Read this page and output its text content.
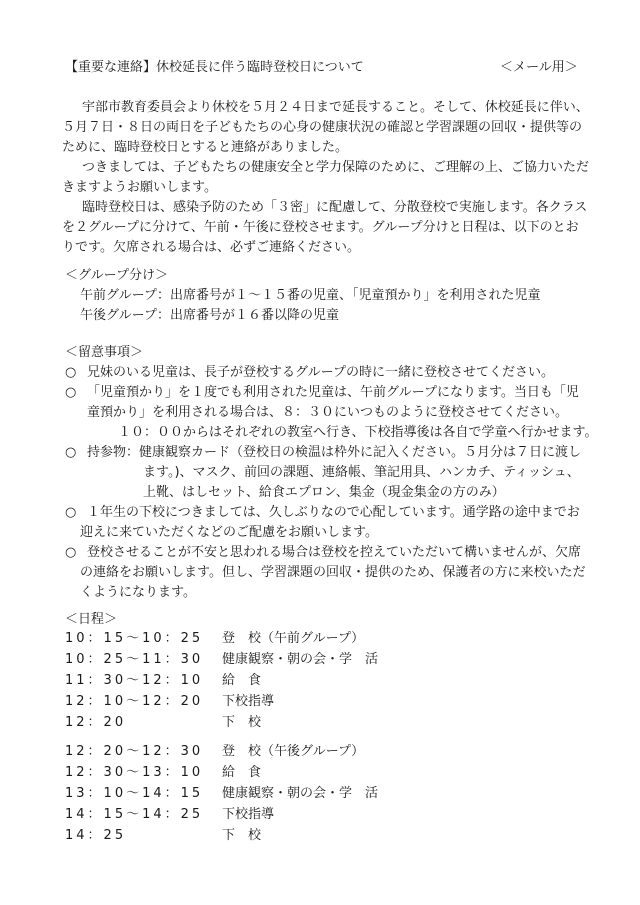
【重要な連絡】休校延長に伴う臨時登校日について	＜メール用＞
宇部市教育委員会より休校を５月２４日まで延長すること。そして、休校延長に伴い、
５月７日・８日の両日を子どもたちの心身の健康状況の確認と学習課題の回収・提供等の
ために、臨時登校日とすると連絡がありました。
つきましては、子どもたちの健康安全と学力保障のために、ご理解の上、ご協力いただ
きますようお願いします。
臨時登校日は、感染予防のため「３密」に配慮して、分散登校で実施します。各クラス
を２グループに分けて、午前・午後に登校させます。グループ分けと日程は、以下のとお
りです。欠席される場合は、必ずご連絡ください。
＜グループ分け＞
午前グループ：出席番号が１～１５番の児童、「児童預かり」を利用された児童
午後グループ：出席番号が１６番以降の児童
＜留意事項＞
○ 兄妹のいる児童は、長子が登校するグループの時に一緒に登校させてください。
○ 「児童預かり」を１度でも利用された児童は、午前グループになります。当日も「児
童預かり」を利用される場合は、８：３０にいつものように登校させてください。
１０：００からはそれぞれの教室へ行き、下校指導後は各自で学童へ行かせます。
○ 持参物：健康観察カード（登校日の検温は枠外に記入ください。５月分は７日に渡し
ます。)、マスク、前回の課題、連絡帳、筆記用具、ハンカチ、ティッシュ、
上靴、はしセット、給食エプロン、集金（現金集金の方のみ）
○ １年生の下校につきましては、久しぶりなので心配しています。通学路の途中までお
迎えに来ていただくなどのご配慮をお願いします。
○ 登校させることが不安と思われる場合は登校を控えていただいて構いませんが、欠席
の連絡をお願いします。但し、学習課題の回収・提供のため、保護者の方に来校いただ
くようになります。
＜日程＞
10：15～10：25 登　校（午前グループ）
10：25～11：30 健康観察・朝の会・学　活
11：30～12：10 給　食
12：10～12：20 下校指導
12：20	下　校
12：20～12：30 登　校（午後グループ）
12：30～13：10 給　食
13：10～14：15 健康観察・朝の会・学　活
14：15～14：25 下校指導
14：25	下　校
